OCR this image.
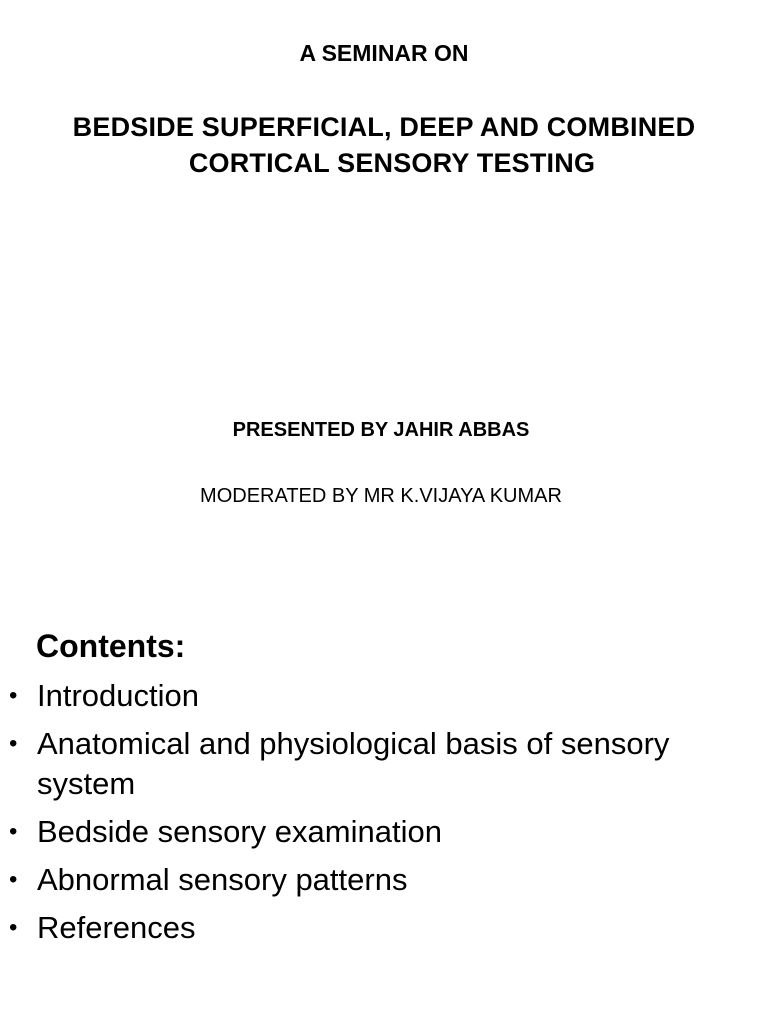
A SEMINAR ON
BEDSIDE SUPERFICIAL, DEEP AND COMBINED
CORTICAL SENSORY TESTING
PRESENTED BY JAHIR ABBAS
MODERATED BY MR K.VIJAYA KUMAR
Contents:
• Introduction
• Anatomical and physiological basis of sensory system
• Bedside sensory examination
• Abnormal sensory patterns
• References
